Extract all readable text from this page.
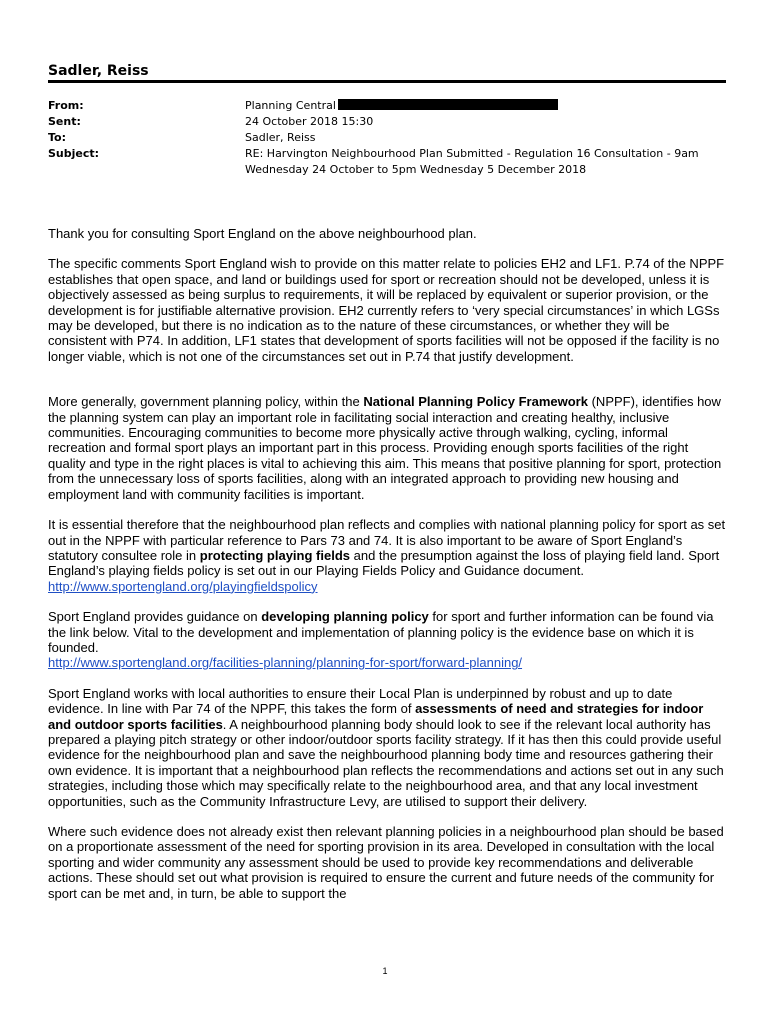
Sadler, Reiss
From:	Planning Central
Sent:	24 October 2018 15:30
To:	Sadler, Reiss
Subject:	RE: Harvington Neighbourhood Plan Submitted - Regulation 16 Consultation - 9am
Wednesday 24 October to 5pm Wednesday 5 December 2018

Thank you for consulting Sport England on the above neighbourhood plan.

The specific comments Sport England wish to provide on this matter relate to policies EH2 and LF1. P.74 of the NPPF establishes that open space, and land or buildings used for sport or recreation should not be developed, unless it is objectively assessed as being surplus to requirements, it will be replaced by equivalent or superior provision, or the development is for justifiable alternative provision. EH2 currently refers to ‘very special circumstances’ in which LGSs may be developed, but there is no indication as to the nature of these circumstances, or whether they will be consistent with P74. In addition, LF1 states that development of sports facilities will not be opposed if the facility is no longer viable, which is not one of the circumstances set out in P.74 that justify development.

More generally, government planning policy, within the National Planning Policy Framework (NPPF), identifies how the planning system can play an important role in facilitating social interaction and creating healthy, inclusive communities. Encouraging communities to become more physically active through walking, cycling, informal recreation and formal sport plays an important part in this process. Providing enough sports facilities of the right quality and type in the right places is vital to achieving this aim. This means that positive planning for sport, protection from the unnecessary loss of sports facilities, along with an integrated approach to providing new housing and employment land with community facilities is important.

It is essential therefore that the neighbourhood plan reflects and complies with national planning policy for sport as set out in the NPPF with particular reference to Pars 73 and 74. It is also important to be aware of Sport England’s statutory consultee role in protecting playing fields and the presumption against the loss of playing field land. Sport England’s playing fields policy is set out in our Playing Fields Policy and Guidance document.
http://www.sportengland.org/playingfieldspolicy

Sport England provides guidance on developing planning policy for sport and further information can be found via the link below. Vital to the development and implementation of planning policy is the evidence base on which it is founded.
http://www.sportengland.org/facilities-planning/planning-for-sport/forward-planning/

Sport England works with local authorities to ensure their Local Plan is underpinned by robust and up to date evidence. In line with Par 74 of the NPPF, this takes the form of assessments of need and strategies for indoor and outdoor sports facilities. A neighbourhood planning body should look to see if the relevant local authority has prepared a playing pitch strategy or other indoor/outdoor sports facility strategy. If it has then this could provide useful evidence for the neighbourhood plan and save the neighbourhood planning body time and resources gathering their own evidence. It is important that a neighbourhood plan reflects the recommendations and actions set out in any such strategies, including those which may specifically relate to the neighbourhood area, and that any local investment opportunities, such as the Community Infrastructure Levy, are utilised to support their delivery.

Where such evidence does not already exist then relevant planning policies in a neighbourhood plan should be based on a proportionate assessment of the need for sporting provision in its area. Developed in consultation with the local sporting and wider community any assessment should be used to provide key recommendations and deliverable actions. These should set out what provision is required to ensure the current and future needs of the community for sport can be met and, in turn, be able to support the

1
